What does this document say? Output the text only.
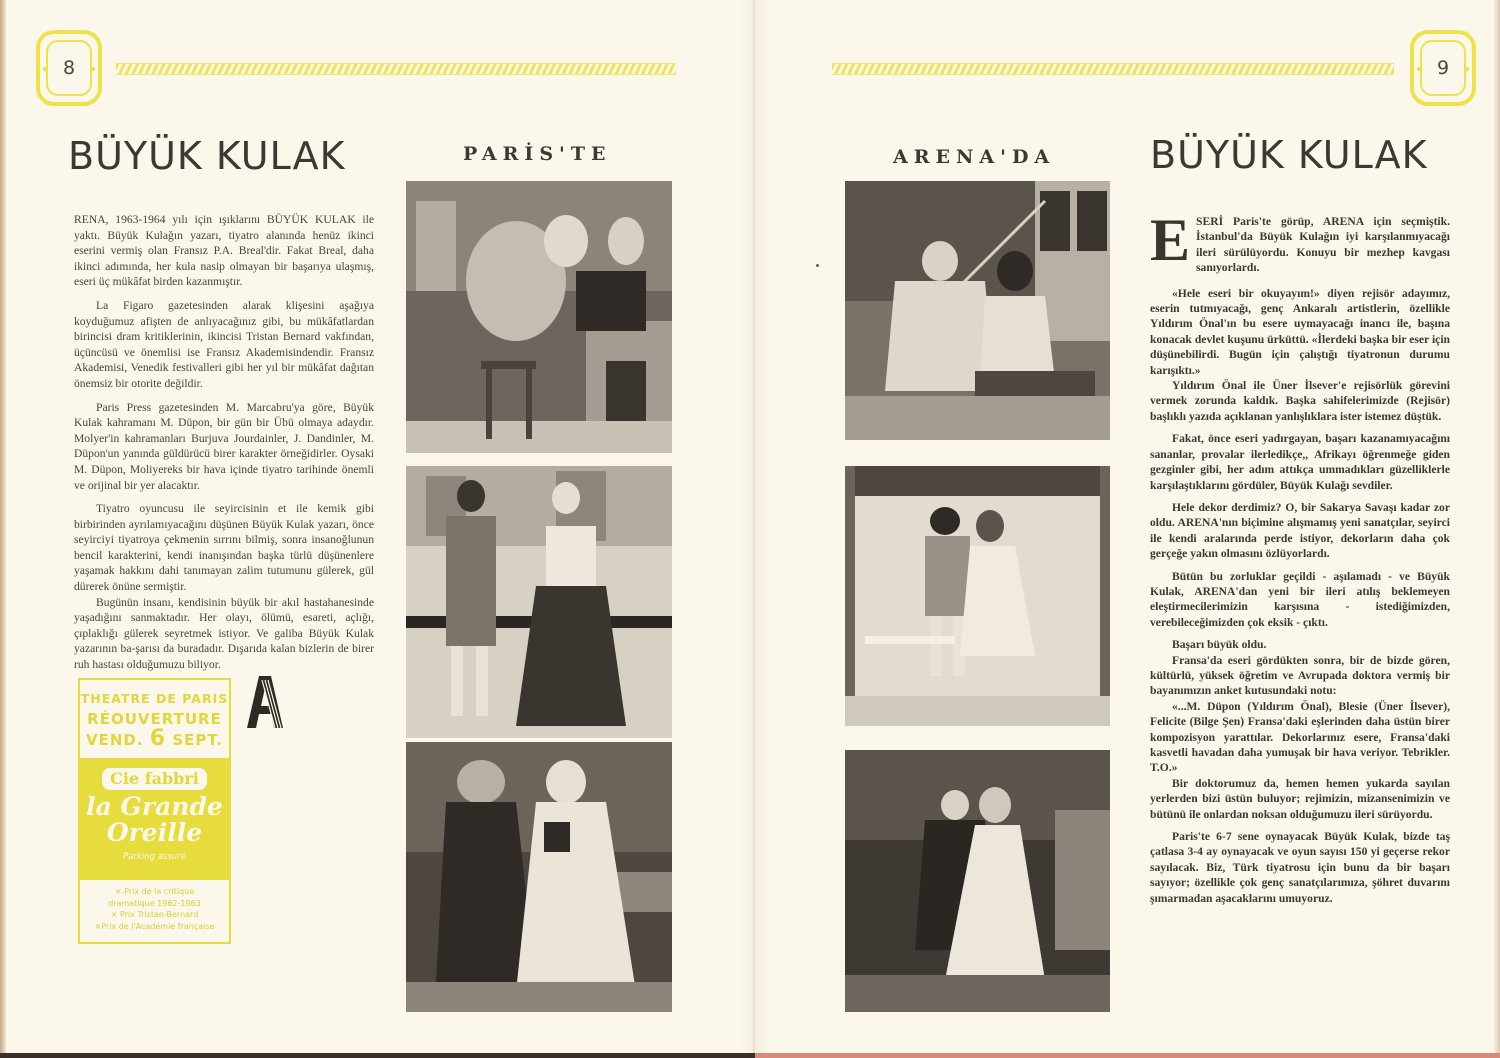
8	9
BÜYÜK KULAK	PARİS'TE	ARENA'DA BÜYÜK KULAK
THEATRE DE PARIS
RÉOUVERTURE
VEND. 6 SEPT.
Cie fabbri
la Grande
Oreille
Parking assuré
× Prix de la critique
dramatique 1962-1963
× Prix Tristan-Bernard
×Prix de l'Académie française

RENA, 1963-1964 yılı için ışıklarını BÜYÜK KULAK ile yaktı. Büyük Kulağın yazarı, tiyatro alanında henüz ikinci eserini vermiş olan Fransız P.A. Breal'dir. Fakat Breal, daha ikinci adımında, her kula nasip olmayan bir başarıya ulaşmış, eseri üç mükâfat birden kazanmıştır.

La Figaro gazetesinden alarak klişesini aşağıya koyduğumuz afişten de anlıyacağınız gibi, bu mükâfatlardan birincisi dram kritiklerinin, ikincisi Tristan Bernard vakfından, üçüncüsü ve önemlisi ise Fransız Akademisindendir. Fransız Akademisi, Venedik festivalleri gibi her yıl bir mükâfat dağıtan önemsiz bir otorite değildir.

Paris Press gazetesinden M. Marcabru'ya göre, Büyük Kulak kahramanı M. Düpon, bir gün bir Übü olmaya adaydır. Molyer'in kahramanları Burjuva Jourdainler, J. Dandinler, M. Düpon'un yanında güldürücü birer karakter örneğidirler. Oysaki M. Düpon, Moliyereks bir hava içinde tiyatro tarihinde önemli ve orijinal bir yer alacaktır.

Tiyatro oyuncusu ile seyircisinin et ile kemik gibi birbirinden ayrılamıyacağını düşünen Büyük Kulak yazarı, önce seyirciyi tiyatroya çekmenin sırrını bilmiş, sonra insanoğlunun bencil karakterini, kendi inanışından başka türlü düşünenlere yaşamak hakkını dahi tanımayan zalim tutumunu gülerek, gül dürerek önüne sermiştir.

Bugünün insanı, kendisinin büyük bir akıl hastahanesinde yaşadığını sanmaktadır. Her olayı, ölümü, esareti, açlığı, çıplaklığı gülerek seyretmek istiyor. Ve galiba Büyük Kulak yazarının ba-şarısı da buradadır. Dışarıda kalan bizlerin de birer ruh hastası olduğumuzu biliyor.

ESERİ Paris'te görüp, ARENA için seçmiştik. İstanbul'da Büyük Kulağın iyi karşılanmıyacağı ileri sürülüyordu. Konuyu bir mezhep kavgası sanıyorlardı.

«Hele eseri bir okuyayım!» diyen rejisör adayımız, eserin tutmıyacağı, genç Ankaralı artistlerin, özellikle Yıldırım Önal'ın bu esere uymayacağı inancı ile, başına konacak devlet kuşunu ürküttü. «İlerdeki başka bir eser için düşünebilirdi. Bugün için çalıştığı tiyatronun durumu karışıktı.»

Yıldırım Önal ile Üner İlsever'e rejisörlük görevini vermek zorunda kaldık. Başka sahifelerimizde (Rejisör) başlıklı yazıda açıklanan yanlışlıklara ister istemez düştük.

Fakat, önce eseri yadırgayan, başarı kazanamıyacağını sananlar, provalar ilerledikçe,, Afrikayı öğrenmeğe giden gezginler gibi, her adım attıkça ummadıkları güzelliklerle karşılaştıklarını gördüler, Büyük Kulağı sevdiler.

Hele dekor derdimiz? O, bir Sakarya Savaşı kadar zor oldu. ARENA'nın biçimine alışmamış yeni sanatçılar, seyirci ile kendi aralarında perde istiyor, dekorların daha çok gerçeğe yakın olmasını özlüyorlardı.

Bütün bu zorluklar geçildi - aşılamadı - ve Büyük Kulak, ARENA'dan yeni bir ileri atılış beklemeyen eleştirmecilerimizin karşısına - istediğimizden, verebileceğimizden çok eksik - çıktı.

Başarı büyük oldu.

Fransa'da eseri gördükten sonra, bir de bizde gören, kültürlü, yüksek öğretim ve Avrupada doktora vermiş bir bayanımızın anket kutusundaki notu:

«...M. Düpon (Yıldırım Önal), Blesie (Üner İlsever), Felicite (Bilge Şen) Fransa'daki eşlerinden daha üstün birer kompozisyon yarattılar. Dekorlarınız esere, Fransa'daki kasvetli havadan daha yumuşak bir hava veriyor. Tebrikler. T.O.»

Bir doktorumuz da, hemen hemen yukarda sayılan yerlerden bizi üstün buluyor; rejimizin, mizansenimizin ve bütünü ile onlardan noksan olduğumuzu ileri sürüyordu.

Paris'te 6-7 sene oynayacak Büyük Kulak, bizde taş çatlasa 3-4 ay oynayacak ve oyun sayısı 150 yi geçerse rekor sayılacak. Biz, Türk tiyatrosu için bunu da bir başarı sayıyor; özellikle çok genç sanatçılarımıza, şöhret duvarını şımarmadan aşacaklarını umuyoruz.
